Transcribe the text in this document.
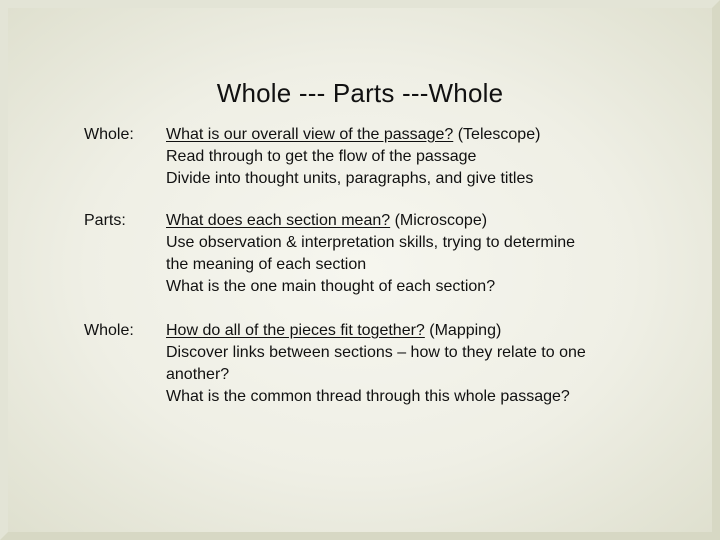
Whole --- Parts ---Whole
Whole: What is our overall view of the passage? (Telescope)
Read through to get the flow of the passage
Divide into thought units, paragraphs, and give titles
Parts:	What does each section mean? (Microscope)
Use observation & interpretation skills, trying to determine
the meaning of each section
What is the one main thought of each section?
Whole: How do all of the pieces fit together? (Mapping)
Discover links between sections – how to they relate to one
another?
What is the common thread through this whole passage?
